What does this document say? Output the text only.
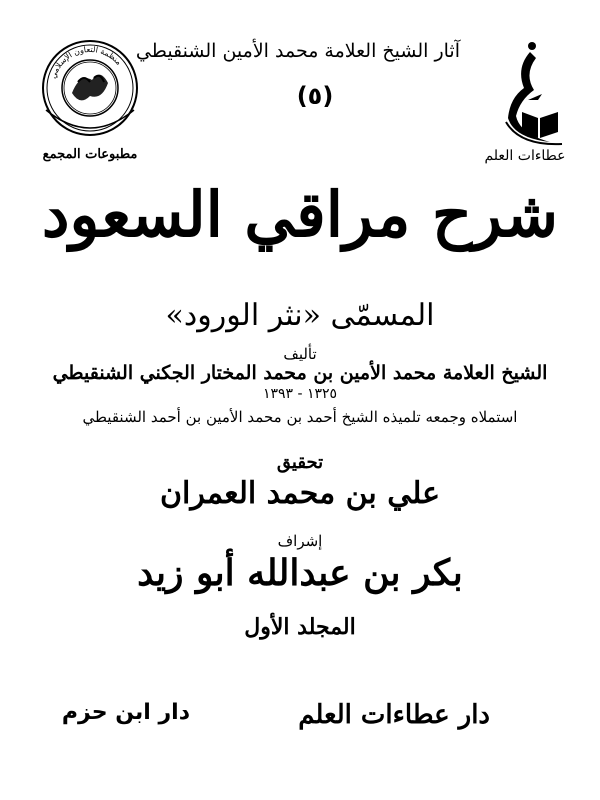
منظمة التعاون الإسلامي
مطبوعات المجمع	عطاءات العلم
آثار الشيخ العلامة محمد الأمين الشنقيطي
(٥)
شرح مراقي السعود
المسمّى «نثر الورود»
تأليف
الشيخ العلامة محمد الأمين بن محمد المختار الجكني الشنقيطي
١٣٢٥ - ١٣٩٣
استملاه وجمعه تلميذه الشيخ أحمد بن محمد الأمين بن أحمد الشنقيطي
تحقيق
علي بن محمد العمران
إشراف
بكر بن عبدالله أبو زيد
المجلد الأول
دار عطاءات العلم
دار ابن حزم
